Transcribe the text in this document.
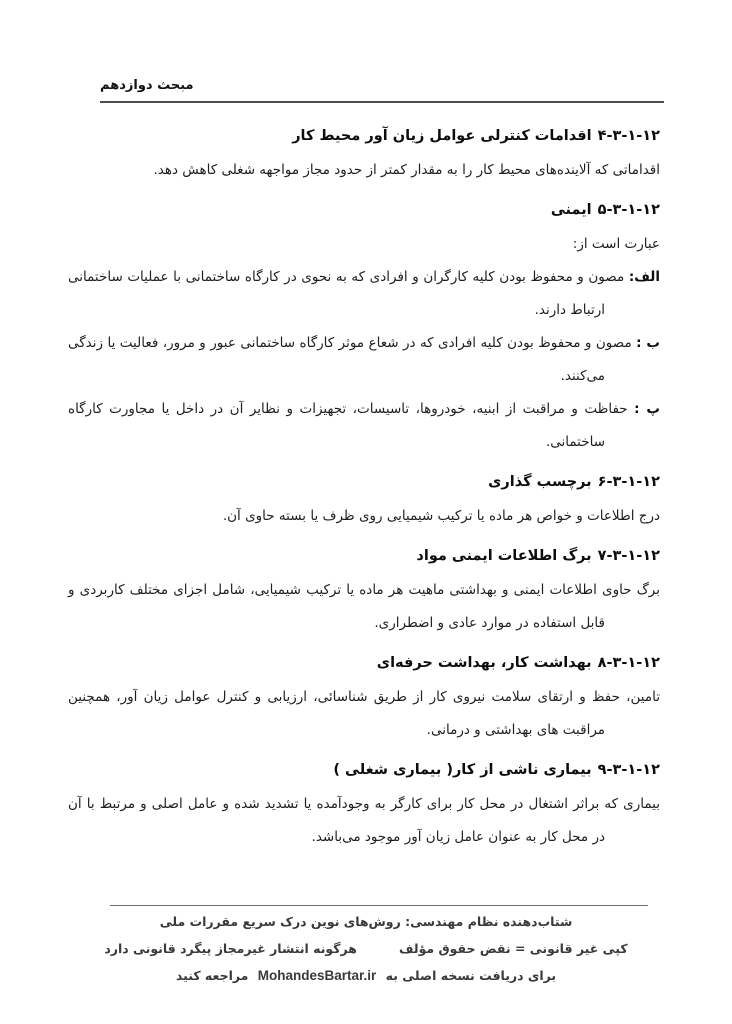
مبحث دوازدهم
۱۲‐۱‐۳‐۴اقدامات کنترلی عوامل زیان آور محیط کار

اقداماتی که آلاینده‌های محیط کار را به مقدار کمتر از حدود مجاز مواجهه شغلی کاهش دهد.

۱۲‐۱‐۳‐۵ایمنی

عبارت است از:

الف: مصون و محفوظ بودن کلیه کارگران و افرادی که به نحوی در کارگاه ساختمانی با عملیات ساختمانی ارتباط دارند.

ب : مصون و محفوظ بودن کلیه افرادی که در شعاع موثر کارگاه ساختمانی عبور و مرور، فعالیت یا زندگی می‌کنند.

پ : حفاظت و مراقبت از ابنیه، خودروها، تاسیسات، تجهیزات و نظایر آن در داخل یا مجاورت کارگاه ساختمانی.

۱۲‐۱‐۳‐۶برچسب گذاری

درج اطلاعات و خواص هر ماده یا ترکیب شیمیایی روی ظرف یا بسته حاوی آن.

۱۲‐۱‐۳‐۷برگ اطلاعات ایمنی مواد

برگ حاوی اطلاعات ایمنی و بهداشتی ماهیت هر ماده یا ترکیب شیمیایی، شامل اجزای مختلف کاربردی و قابل استفاده در موارد عادی و اضطراری.

۱۲‐۱‐۳‐۸بهداشت کار، بهداشت حرفه‌ای

تامین، حفظ و ارتقای سلامت نیروی کار از طریق شناسائی، ارزیابی و کنترل عوامل زیان آور، همچنین مراقبت های بهداشتی و درمانی.

۱۲‐۱‐۳‐۹بیماری ناشی از کار( بیماری شغلی )

بیماری که براثر اشتغال در محل کار برای کارگر به وجودآمده یا تشدید شده و عامل اصلی و مرتبط با آن در محل کار به عنوان عامل زیان آور موجود می‌باشد.

شتاب‌دهنده نظام مهندسی: روش‌های نوین درک سریع مقررات ملی
کپی غیر قانونی = نقض حقوق مؤلفهرگونه انتشار غیرمجاز پیگرد قانونی دارد
برای دریافت نسخه اصلی به MohandesBartar.ir مراجعه کنید
